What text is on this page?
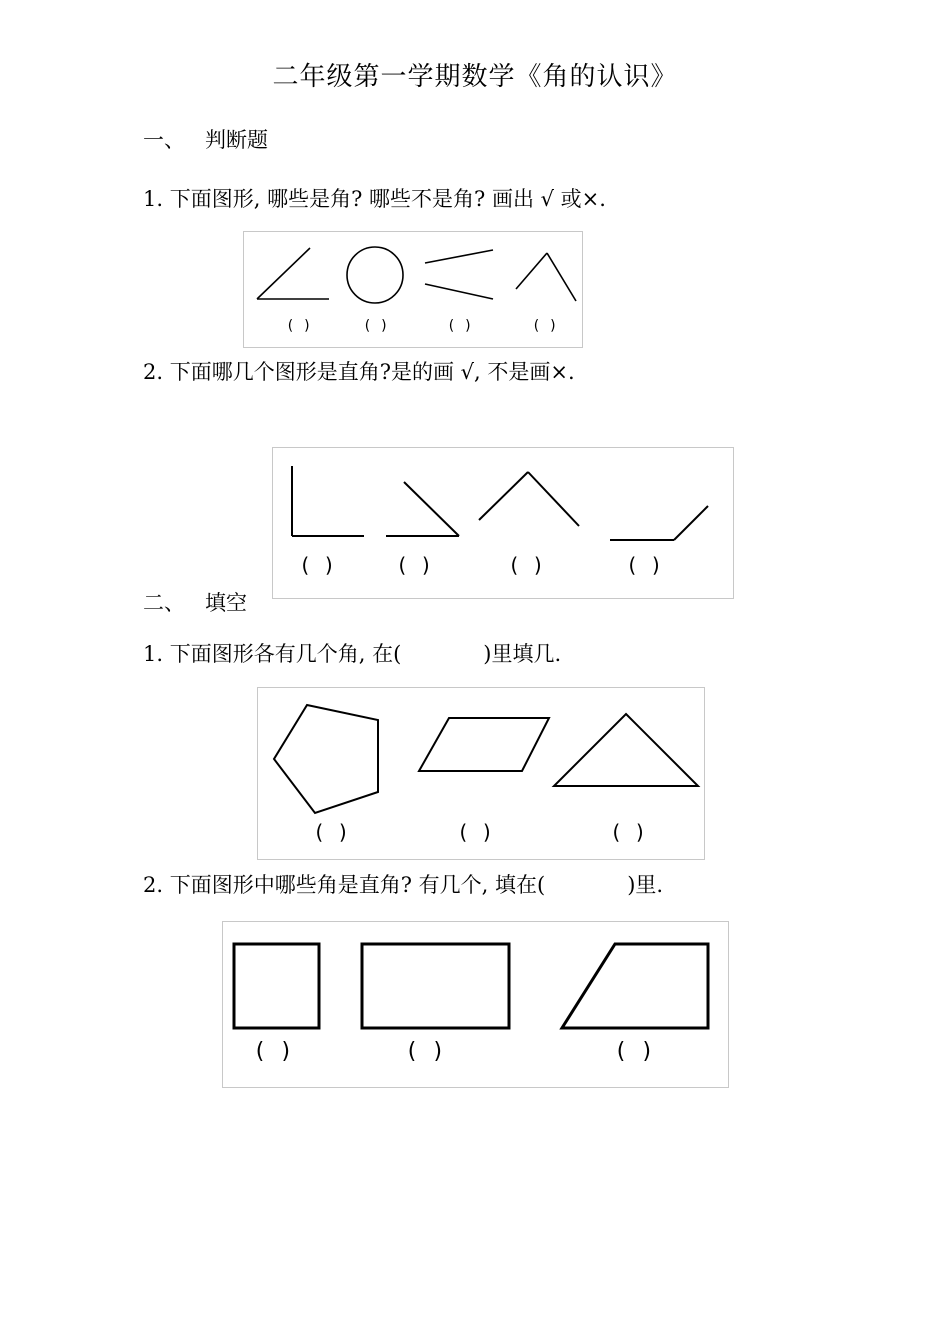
二年级第一学期数学《角的认识》
一、 判断题
1. 下面图形, 哪些是角? 哪些不是角? 画出 √ 或×.
( )	( )	( )	( )
2. 下面哪几个图形是直角?是的画 √, 不是画×.
( )	( )	( )	( )
二、 填空
1. 下面图形各有几个角, 在(	)里填几.
( )	( )	( )
2. 下面图形中哪些角是直角? 有几个, 填在(	)里.
( )	( )	( )
